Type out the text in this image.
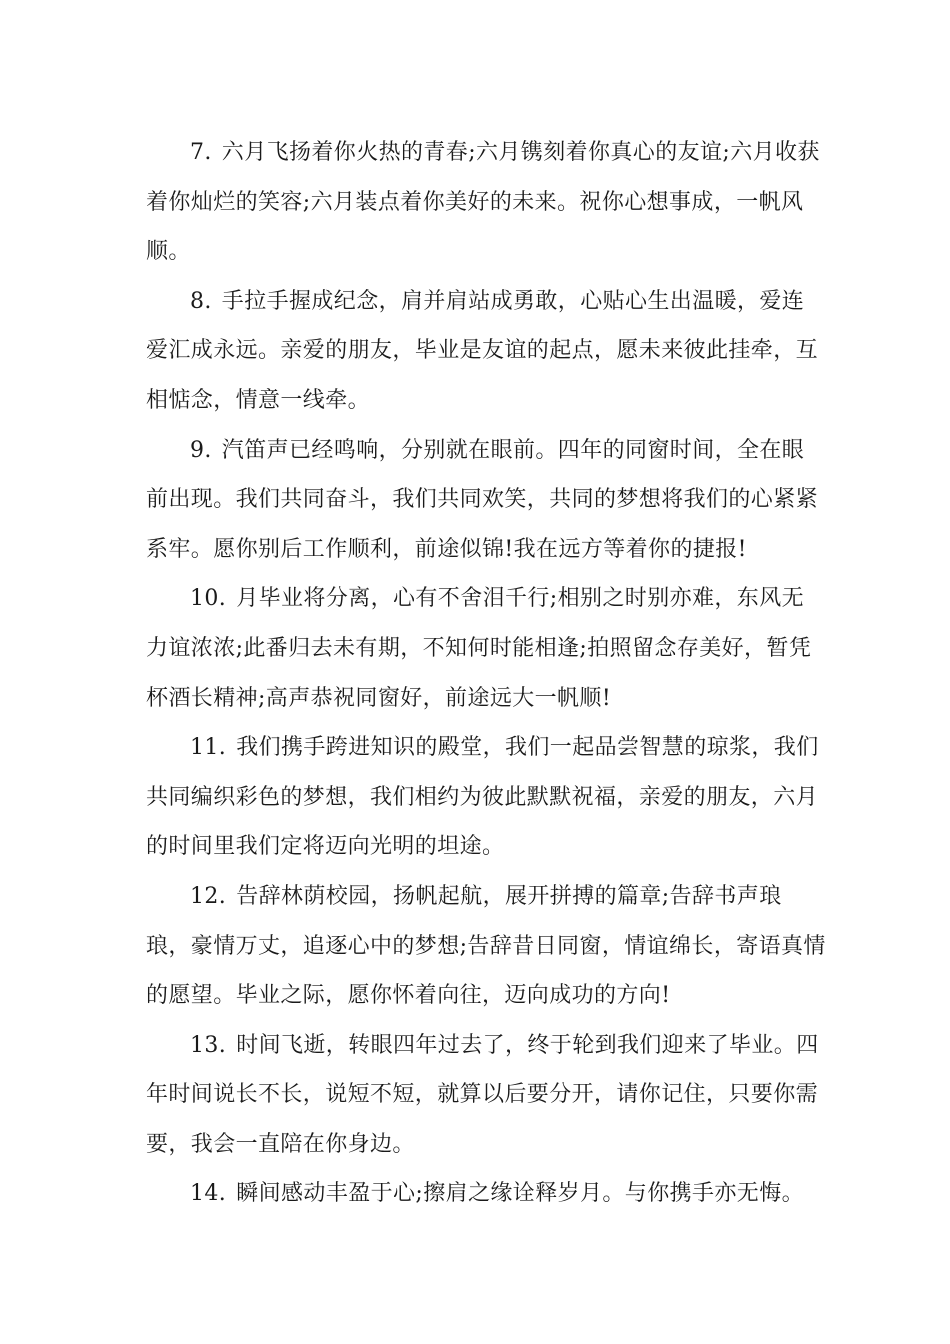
7. 六月飞扬着你火热的青春;六月镌刻着你真心的友谊;六月收获着你灿烂的笑容;六月装点着你美好的未来。祝你心想事成，一帆风顺。

8. 手拉手握成纪念，肩并肩站成勇敢，心贴心生出温暖，爱连爱汇成永远。亲爱的朋友，毕业是友谊的起点，愿未来彼此挂牵，互相惦念，情意一线牵。

9. 汽笛声已经鸣响，分别就在眼前。四年的同窗时间，全在眼前出现。我们共同奋斗，我们共同欢笑，共同的梦想将我们的心紧紧系牢。愿你别后工作顺利，前途似锦!我在远方等着你的捷报!

10. 月毕业将分离，心有不舍泪千行;相别之时别亦难，东风无力谊浓浓;此番归去未有期，不知何时能相逢;拍照留念存美好，暂凭杯酒长精神;高声恭祝同窗好，前途远大一帆顺!

11. 我们携手跨进知识的殿堂，我们一起品尝智慧的琼浆，我们共同编织彩色的梦想，我们相约为彼此默默祝福，亲爱的朋友，六月的时间里我们定将迈向光明的坦途。

12. 告辞林荫校园，扬帆起航，展开拼搏的篇章;告辞书声琅琅，豪情万丈，追逐心中的梦想;告辞昔日同窗，情谊绵长，寄语真情的愿望。毕业之际，愿你怀着向往，迈向成功的方向!

13. 时间飞逝，转眼四年过去了，终于轮到我们迎来了毕业。四年时间说长不长，说短不短，就算以后要分开，请你记住，只要你需要，我会一直陪在你身边。

14. 瞬间感动丰盈于心;擦肩之缘诠释岁月。与你携手亦无悔。
